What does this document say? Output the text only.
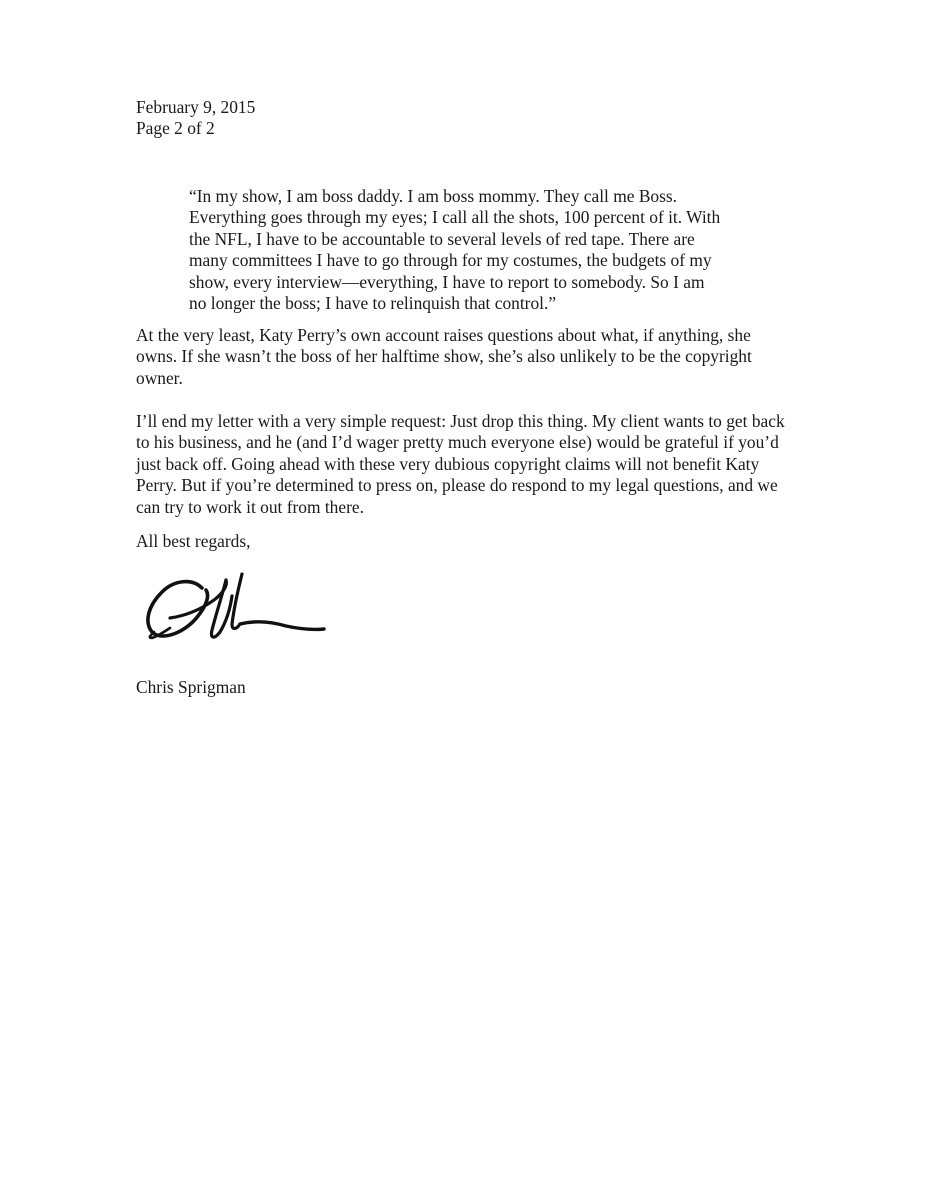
February 9, 2015
Page 2 of 2
“In my show, I am boss daddy. I am boss mommy. They call me Boss.
Everything goes through my eyes; I call all the shots, 100 percent of it. With
the NFL, I have to be accountable to several levels of red tape. There are
many committees I have to go through for my costumes, the budgets of my
show, every interview—everything, I have to report to somebody. So I am
no longer the boss; I have to relinquish that control.”
At the very least, Katy Perry’s own account raises questions about what, if anything, she
owns. If she wasn’t the boss of her halftime show, she’s also unlikely to be the copyright
owner.
I’ll end my letter with a very simple request: Just drop this thing. My client wants to get back
to his business, and he (and I’d wager pretty much everyone else) would be grateful if you’d
just back off. Going ahead with these very dubious copyright claims will not benefit Katy
Perry. But if you’re determined to press on, please do respond to my legal questions, and we
can try to work it out from there.
All best regards,
Chris Sprigman
